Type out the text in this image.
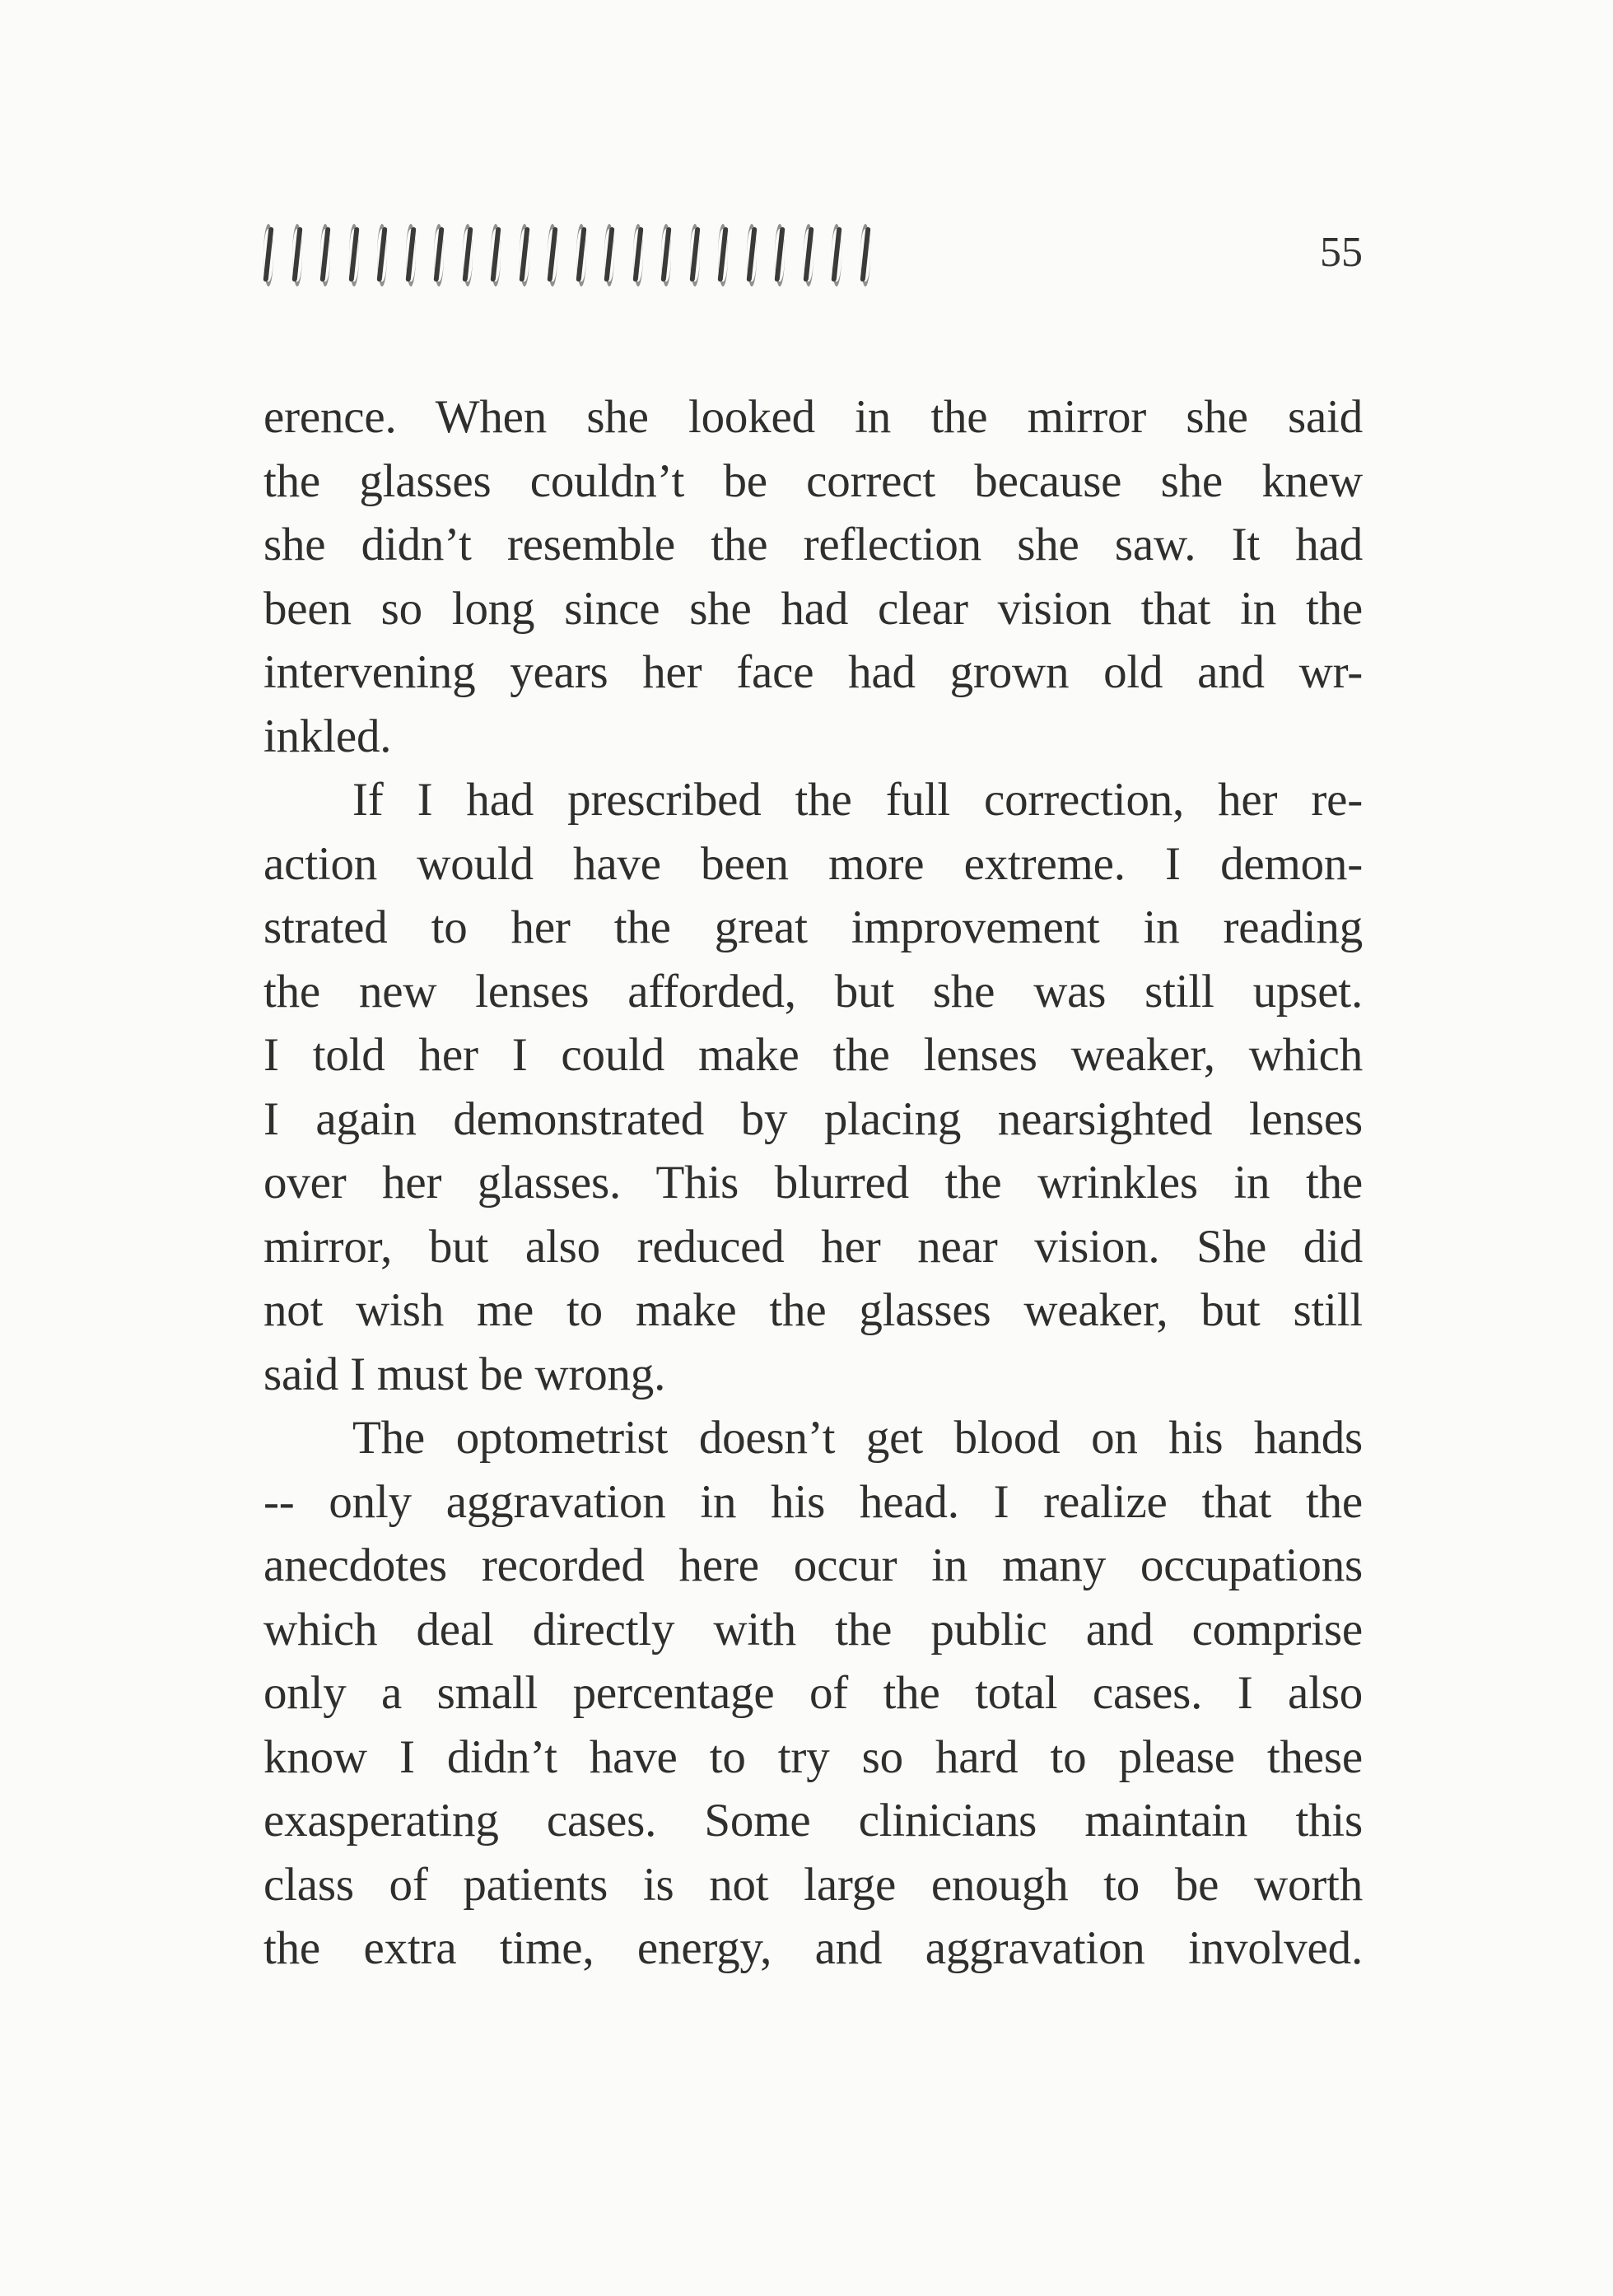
55
erence. When she looked in the mirror she said
the glasses couldn’t be correct because she knew
she didn’t resemble the reflection she saw. It had
been so long since she had clear vision that in the
intervening years her face had grown old and wr-
inkled.
If I had prescribed the full correction, her re-
action would have been more extreme. I demon-
strated to her the great improvement in reading
the new lenses afforded, but she was still upset.
I told her I could make the lenses weaker, which
I again demonstrated by placing nearsighted lenses
over her glasses. This blurred the wrinkles in the
mirror, but also reduced her near vision. She did
not wish me to make the glasses weaker, but still
said I must be wrong.
The optometrist doesn’t get blood on his hands
-- only aggravation in his head. I realize that the
anecdotes recorded here occur in many occupations
which deal directly with the public and comprise
only a small percentage of the total cases. I also
know I didn’t have to try so hard to please these
exasperating cases. Some clinicians maintain this
class of patients is not large enough to be worth
the extra time, energy, and aggravation involved.
